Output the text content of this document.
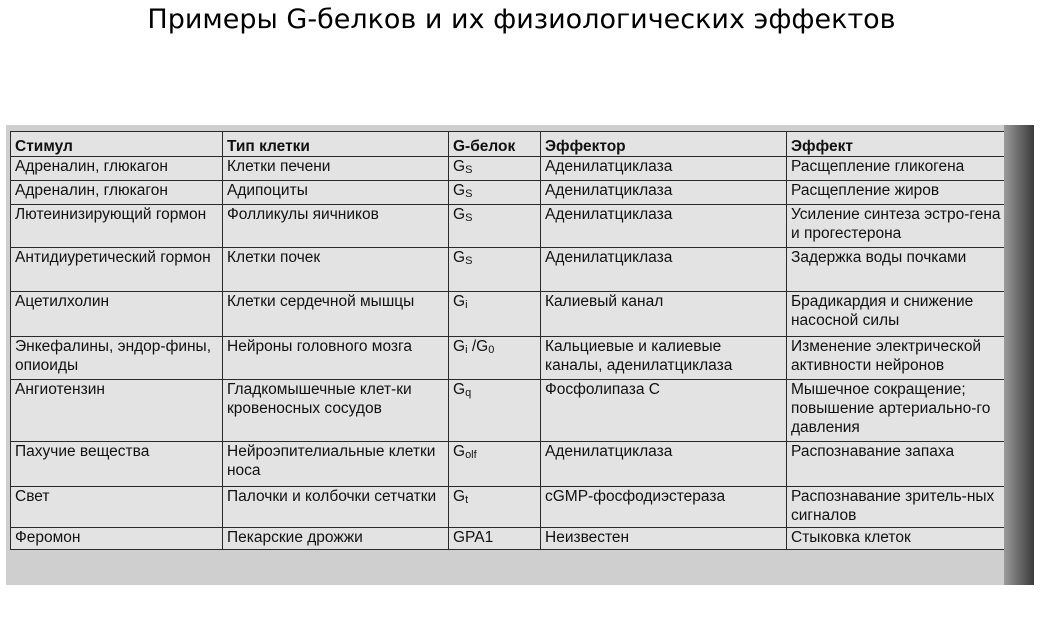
Примеры G-белков и их физиологических эффектов
Стимул	Тип клетки	G-белок	Эффектор	Эффект
Адреналин, глюкагон	Клетки печени	GS	Аденилатциклаза	Расщепление гликогена
Адреналин, глюкагон	Адипоциты	GS	Аденилатциклаза	Расщепление жиров
Лютеинизирующий гормон	Фолликулы яичников	GS	Аденилатциклаза	Усиление синтеза эстро-гена и прогестерона
Антидиуретический гормон	Клетки почек	GS	Аденилатциклаза	Задержка воды почками
Ацетилхолин	Клетки сердечной мышцы	Gi	Калиевый канал	Брадикардия и снижение насосной силы
Энкефалины, эндор-фины, опиоиды	Нейроны головного мозга	Gi /G0	Кальциевые и калиевые каналы, аденилатциклаза	Изменение электрической активности нейронов
Ангиотензин	Гладкомышечные клет-ки кровеносных сосудов	Gq	Фосфолипаза С	Мышечное сокращение; повышение артериально-го давления
Пахучие вещества	Нейроэпителиальные клетки носа	Golf	Аденилатциклаза	Распознавание запаха
Свет	Палочки и колбочки сетчатки	Gt	cGMP-фосфодиэстераза	Распознавание зритель-ных сигналов
Феромон	Пекарские дрожжи	GPA1	Неизвестен	Стыковка клеток
